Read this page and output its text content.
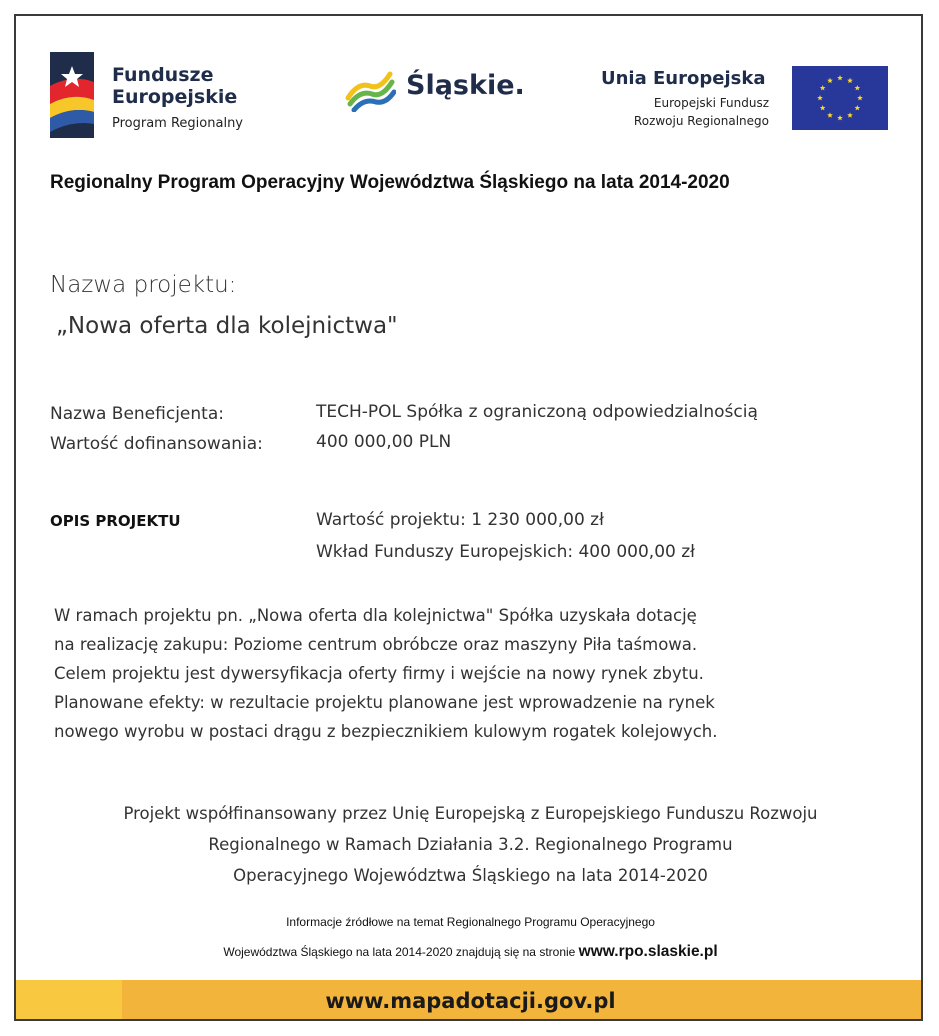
Fundusze
Europejskie
Program Regionalny
Śląskie.	Unia Europejska
Europejski Fundusz
Rozwoju Regionalnego
Regionalny Program Operacyjny Województwa Śląskiego na lata 2014-2020
Nazwa projektu:
„Nowa oferta dla kolejnictwa"
Nazwa Beneficjenta:	TECH-POL Spółka z ograniczoną odpowiedzialnością
Wartość dofinansowania:	400 000,00 PLN
OPIS PROJEKTU	Wartość projektu: 1 230 000,00 zł
Wkład Funduszy Europejskich: 400 000,00 zł
W ramach projektu pn. „Nowa oferta dla kolejnictwa" Spółka uzyskała dotację
na realizację zakupu: Poziome centrum obróbcze oraz maszyny Piła taśmowa.
Celem projektu jest dywersyfikacja oferty firmy i wejście na nowy rynek zbytu.
Planowane efekty: w rezultacie projektu planowane jest wprowadzenie na rynek
nowego wyrobu w postaci drągu z bezpiecznikiem kulowym rogatek kolejowych.
Projekt współfinansowany przez Unię Europejską z Europejskiego Funduszu Rozwoju
Regionalnego w Ramach Działania 3.2. Regionalnego Programu
Operacyjnego Województwa Śląskiego na lata 2014-2020
Informacje źródłowe na temat Regionalnego Programu Operacyjnego
Województwa Śląskiego na lata 2014-2020 znajdują się na stronie www.rpo.slaskie.pl
www.mapadotacji.gov.pl
